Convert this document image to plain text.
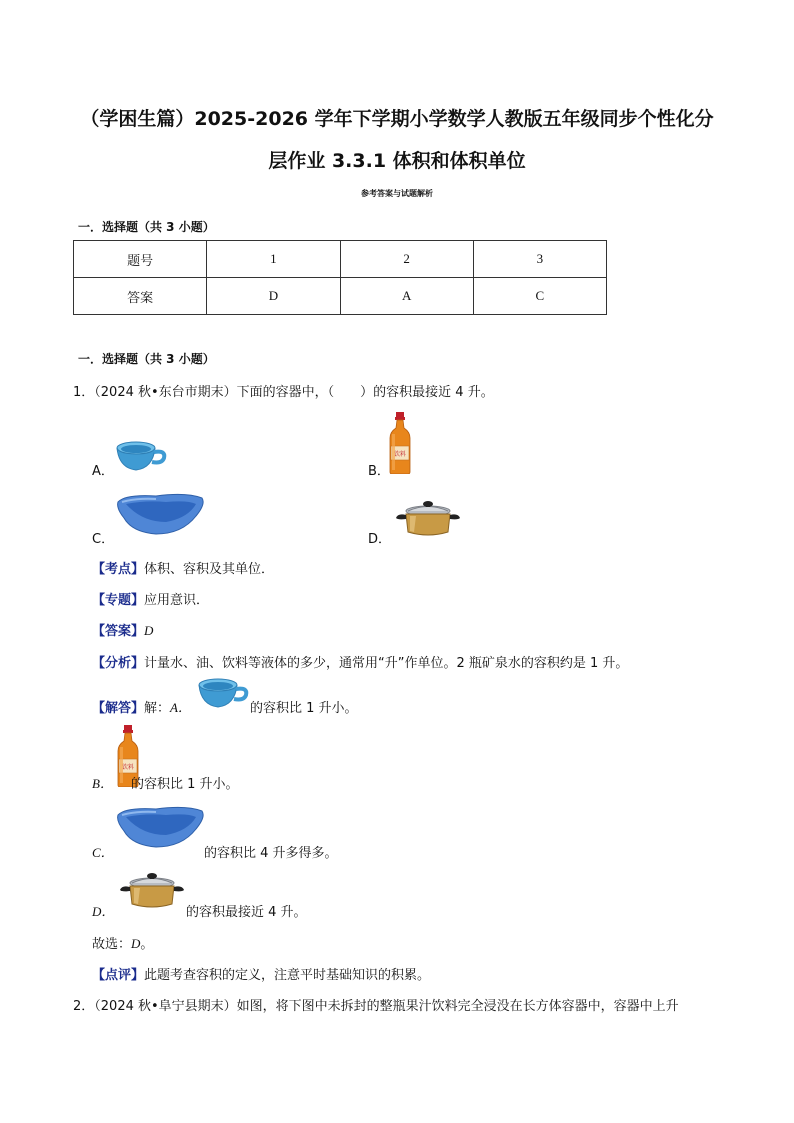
（学困生篇）2025-2026 学年下学期小学数学人教版五年级同步个性化分
层作业 3.3.1 体积和体积单位
参考答案与试题解析
一．选择题（共 3 小题）
题号	1	2	3
答案	D	A	C
一．选择题（共 3 小题）
1．（2024 秋•东台市期末）下面的容器中，（　　）的容积最接近 4 升。
A．	B．
C．	D．
【考点】体积、容积及其单位．
【专题】应用意识．
【答案】D
【分析】计量水、油、饮料等液体的多少，通常用“升”作单位。2 瓶矿泉水的容积约是 1 升。
【解答】解：A．	的容积比 1 升小。
B． 的容积比 1 升小。
C．	的容积比 4 升多得多。
D．	的容积最接近 4 升。
故选：D。
【点评】此题考查容积的定义，注意平时基础知识的积累。
2．（2024 秋•阜宁县期末）如图，将下图中未拆封的整瓶果汁饮料完全浸没在长方体容器中，容器中上升
